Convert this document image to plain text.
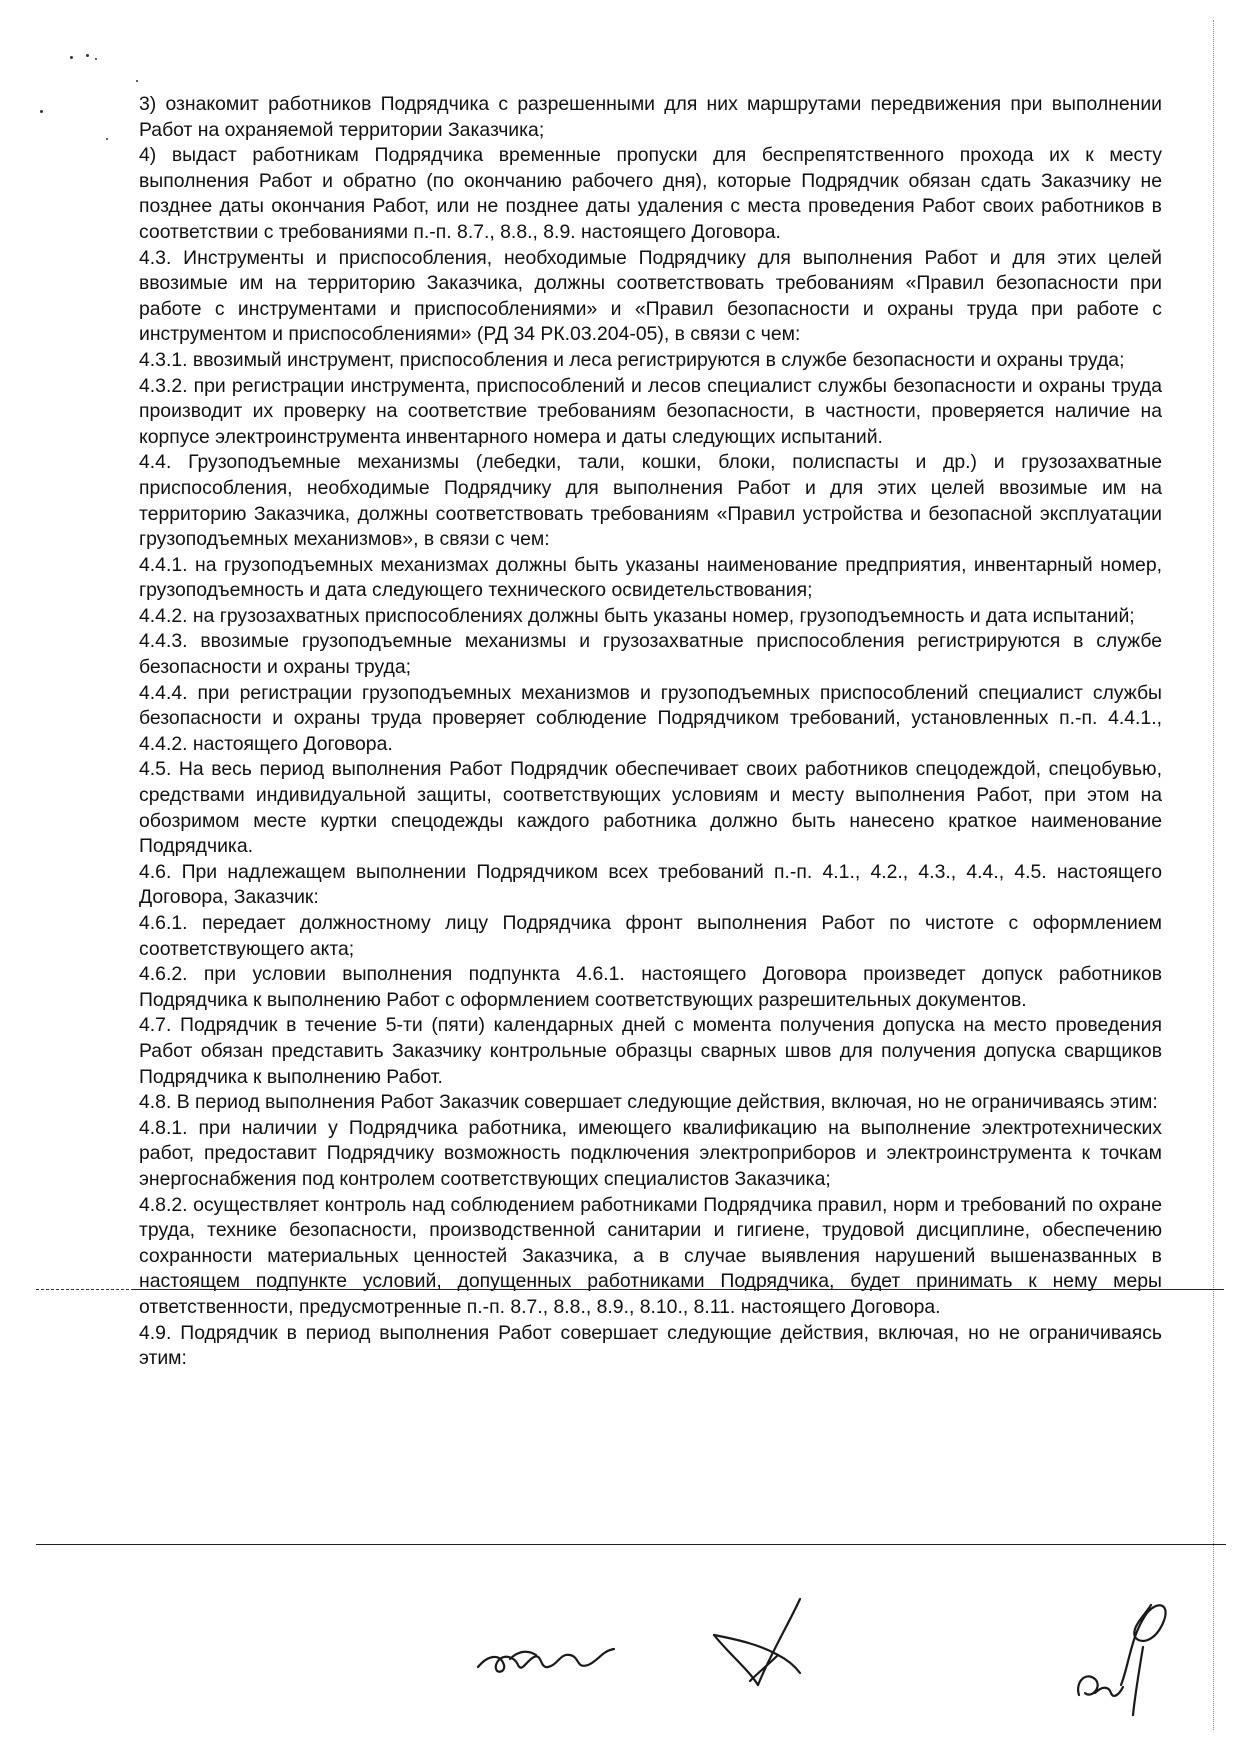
3) ознакомит работников Подрядчика с разрешенными для них маршрутами передвижения при выполнении Работ на охраняемой территории Заказчика;

4) выдаст работникам Подрядчика временные пропуски для беспрепятственного прохода их к месту выполнения Работ и обратно (по окончанию рабочего дня), которые Подрядчик обязан сдать Заказчику не позднее даты окончания Работ, или не позднее даты удаления с места проведения Работ своих работников в соответствии с требованиями п.-п. 8.7., 8.8., 8.9. настоящего Договора.

4.3. Инструменты и приспособления, необходимые Подрядчику для выполнения Работ и для этих целей ввозимые им на территорию Заказчика, должны соответствовать требованиям «Правил безопасности при работе с инструментами и приспособлениями» и «Правил безопасности и охраны труда при работе с инструментом и приспособлениями» (РД 34 РК.03.204-05), в связи с чем:

4.3.1. ввозимый инструмент, приспособления и леса регистрируются в службе безопасности и охраны труда;

4.3.2. при регистрации инструмента, приспособлений и лесов специалист службы безопасности и охраны труда производит их проверку на соответствие требованиям безопасности, в частности, проверяется наличие на корпусе электроинструмента инвентарного номера и даты следующих испытаний.

4.4. Грузоподъемные механизмы (лебедки, тали, кошки, блоки, полиспасты и др.) и грузозахватные приспособления, необходимые Подрядчику для выполнения Работ и для этих целей ввозимые им на территорию Заказчика, должны соответствовать требованиям «Правил устройства и безопасной эксплуатации грузоподъемных механизмов», в связи с чем:

4.4.1. на грузоподъемных механизмах должны быть указаны наименование предприятия, инвентарный номер, грузоподъемность и дата следующего технического освидетельствования;

4.4.2. на грузозахватных приспособлениях должны быть указаны номер, грузоподъемность и дата испытаний;

4.4.3. ввозимые грузоподъемные механизмы и грузозахватные приспособления регистрируются в службе безопасности и охраны труда;

4.4.4. при регистрации грузоподъемных механизмов и грузоподъемных приспособлений специалист службы безопасности и охраны труда проверяет соблюдение Подрядчиком требований, установленных п.-п. 4.4.1., 4.4.2. настоящего Договора.

4.5. На весь период выполнения Работ Подрядчик обеспечивает своих работников спецодеждой, спецобувью, средствами индивидуальной защиты, соответствующих условиям и месту выполнения Работ, при этом на обозримом месте куртки спецодежды каждого работника должно быть нанесено краткое наименование Подрядчика.

4.6. При надлежащем выполнении Подрядчиком всех требований п.-п. 4.1., 4.2., 4.3., 4.4., 4.5. настоящего Договора, Заказчик:

4.6.1. передает должностному лицу Подрядчика фронт выполнения Работ по чистоте с оформлением соответствующего акта;

4.6.2. при условии выполнения подпункта 4.6.1. настоящего Договора произведет допуск работников Подрядчика к выполнению Работ с оформлением соответствующих разрешительных документов.

4.7. Подрядчик в течение 5-ти (пяти) календарных дней с момента получения допуска на место проведения Работ обязан представить Заказчику контрольные образцы сварных швов для получения допуска сварщиков Подрядчика к выполнению Работ.

4.8. В период выполнения Работ Заказчик совершает следующие действия, включая, но не ограничиваясь этим:

4.8.1. при наличии у Подрядчика работника, имеющего квалификацию на выполнение электротехнических работ, предоставит Подрядчику возможность подключения электроприборов и электроинструмента к точкам энергоснабжения под контролем соответствующих специалистов Заказчика;

4.8.2. осуществляет контроль над соблюдением работниками Подрядчика правил, норм и требований по охране труда, технике безопасности, производственной санитарии и гигиене, трудовой дисциплине, обеспечению сохранности материальных ценностей Заказчика, а в случае выявления нарушений вышеназванных в настоящем подпункте условий, допущенных работниками Подрядчика, будет принимать к нему меры ответственности, предусмотренные п.-п. 8.7., 8.8., 8.9., 8.10., 8.11. настоящего Договора.

4.9. Подрядчик в период выполнения Работ совершает следующие действия, включая, но не ограничиваясь этим:
